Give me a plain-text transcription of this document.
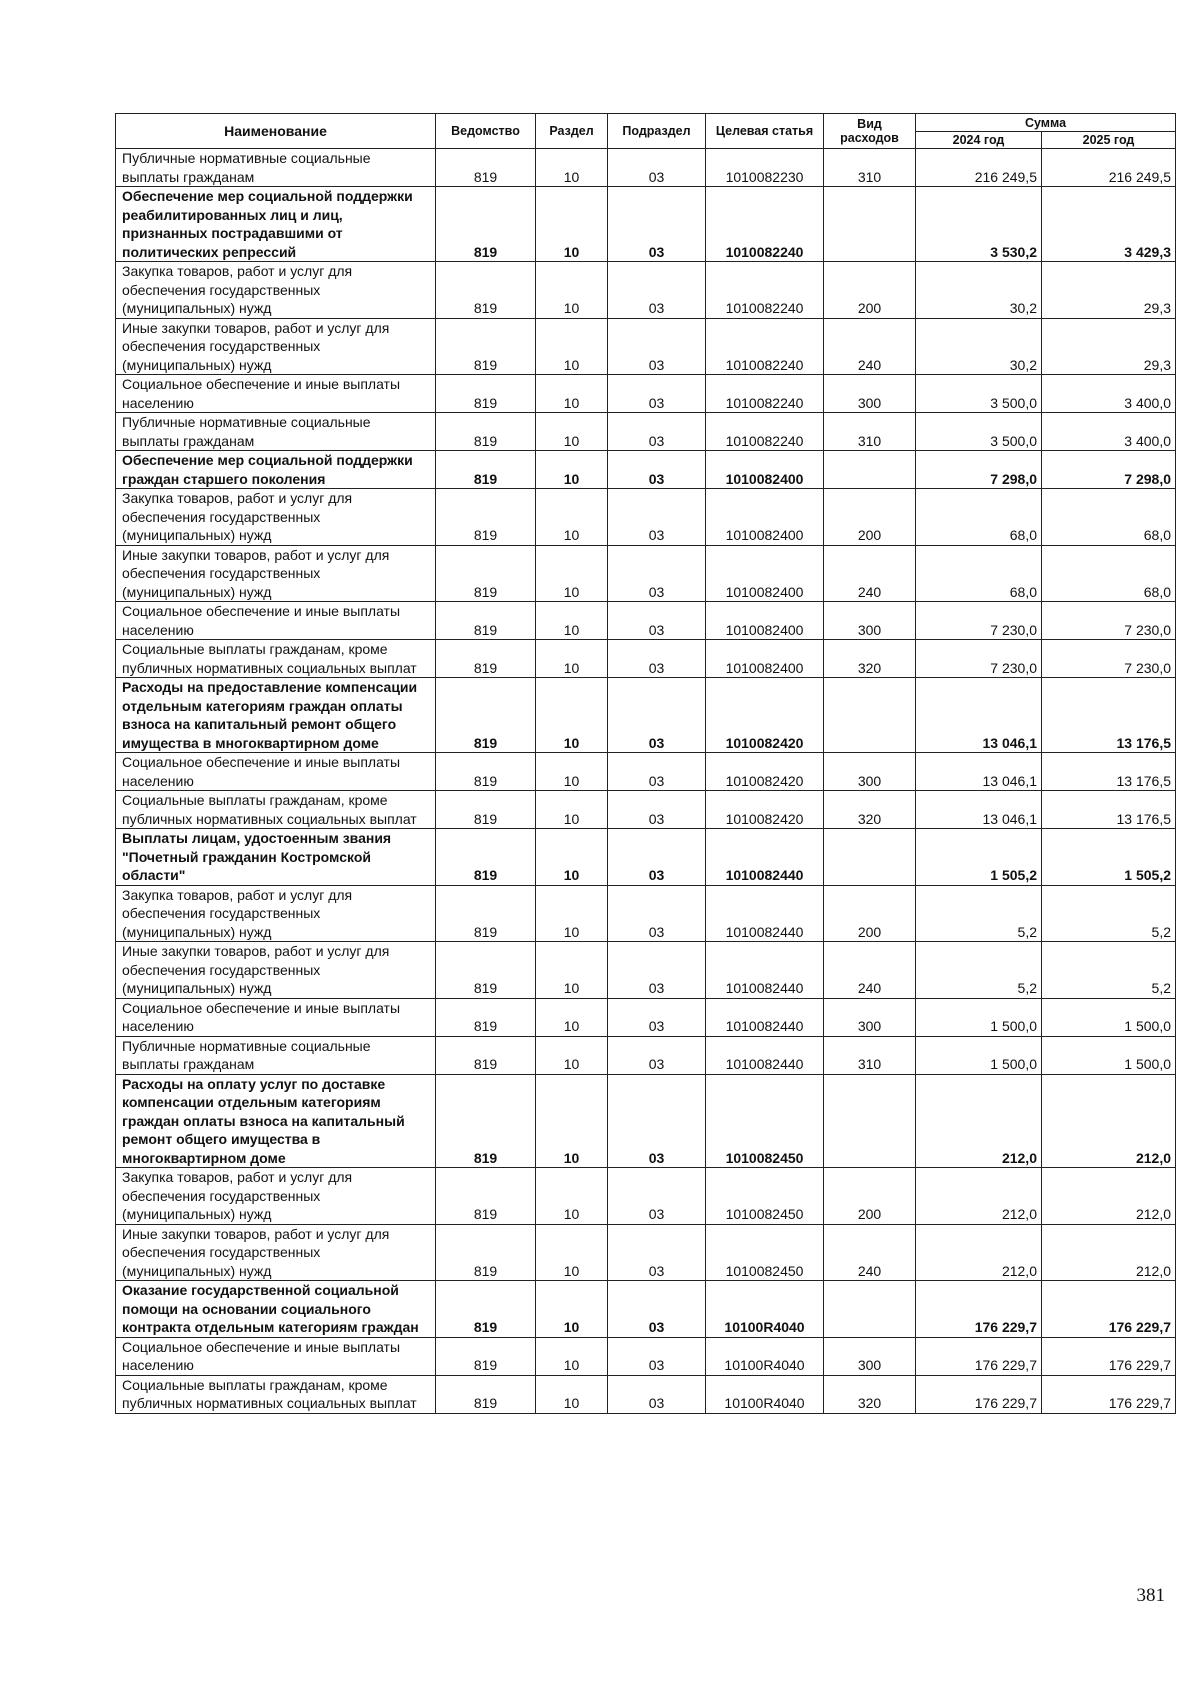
Наименование	Ведомство	Раздел	Подраздел	Целевая статья	Вид расходов	Сумма	
						2024 год	2025 год
Публичные нормативные социальные выплаты гражданам	819	10	03	1010082230	310	216 249,5	216 249,5
Обеспечение мер социальной поддержки реабилитированных лиц и лиц, признанных пострадавшими от политических репрессий	819	10	03	1010082240		3 530,2	3 429,3
Закупка товаров, работ и услуг для обеспечения государственных (муниципальных) нужд	819	10	03	1010082240	200	30,2	29,3
Иные закупки товаров, работ и услуг для обеспечения государственных (муниципальных) нужд	819	10	03	1010082240	240	30,2	29,3
Социальное обеспечение и иные выплаты населению	819	10	03	1010082240	300	3 500,0	3 400,0
Публичные нормативные социальные выплаты гражданам	819	10	03	1010082240	310	3 500,0	3 400,0
Обеспечение мер социальной поддержки граждан старшего поколения	819	10	03	1010082400		7 298,0	7 298,0
Закупка товаров, работ и услуг для обеспечения государственных (муниципальных) нужд	819	10	03	1010082400	200	68,0	68,0
Иные закупки товаров, работ и услуг для обеспечения государственных (муниципальных) нужд	819	10	03	1010082400	240	68,0	68,0
Социальное обеспечение и иные выплаты населению	819	10	03	1010082400	300	7 230,0	7 230,0
Социальные выплаты гражданам, кроме публичных нормативных социальных выплат	819	10	03	1010082400	320	7 230,0	7 230,0
Расходы на предоставление компенсации отдельным категориям граждан оплаты взноса на капитальный ремонт общего имущества в многоквартирном доме	819	10	03	1010082420		13 046,1	13 176,5
Социальное обеспечение и иные выплаты населению	819	10	03	1010082420	300	13 046,1	13 176,5
Социальные выплаты гражданам, кроме публичных нормативных социальных выплат	819	10	03	1010082420	320	13 046,1	13 176,5
Выплаты лицам, удостоенным звания "Почетный гражданин Костромской области"	819	10	03	1010082440		1 505,2	1 505,2
Закупка товаров, работ и услуг для обеспечения государственных (муниципальных) нужд	819	10	03	1010082440	200	5,2	5,2
Иные закупки товаров, работ и услуг для обеспечения государственных (муниципальных) нужд	819	10	03	1010082440	240	5,2	5,2
Социальное обеспечение и иные выплаты населению	819	10	03	1010082440	300	1 500,0	1 500,0
Публичные нормативные социальные выплаты гражданам	819	10	03	1010082440	310	1 500,0	1 500,0
Расходы на оплату услуг по доставке компенсации отдельным категориям граждан оплаты взноса на капитальный ремонт общего имущества в многоквартирном доме	819	10	03	1010082450		212,0	212,0
Закупка товаров, работ и услуг для обеспечения государственных (муниципальных) нужд	819	10	03	1010082450	200	212,0	212,0
Иные закупки товаров, работ и услуг для обеспечения государственных (муниципальных) нужд	819	10	03	1010082450	240	212,0	212,0
Оказание государственной социальной помощи на основании социального контракта отдельным категориям граждан	819	10	03	10100R4040		176 229,7	176 229,7
Социальное обеспечение и иные выплаты населению	819	10	03	10100R4040	300	176 229,7	176 229,7
Социальные выплаты гражданам, кроме публичных нормативных социальных выплат	819	10	03	10100R4040	320	176 229,7	176 229,7
381
